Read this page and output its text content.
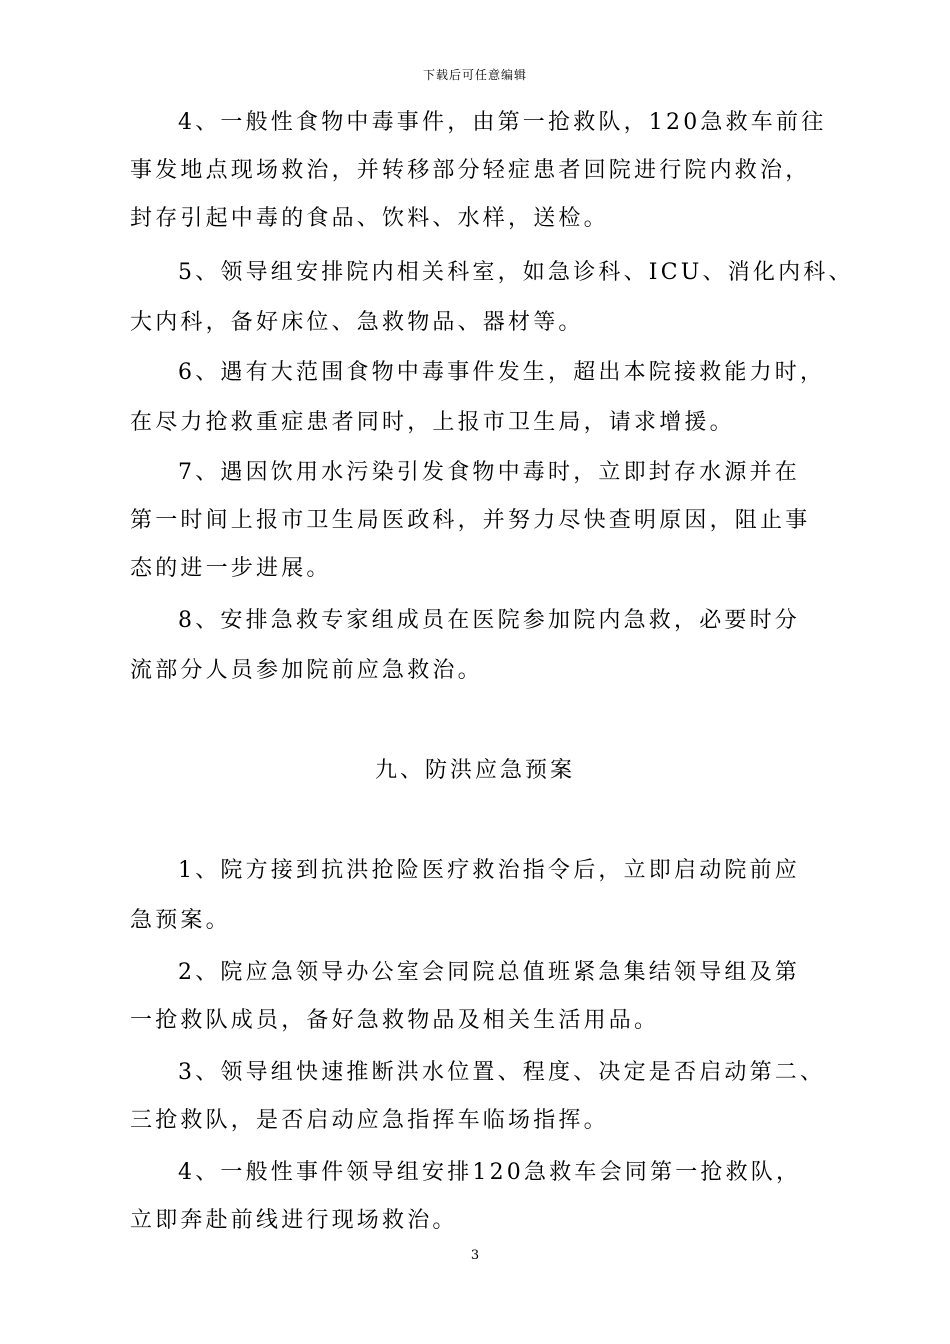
下载后可任意编辑
4、一般性食物中毒事件，由第一抢救队，120急救车前往
事发地点现场救治，并转移部分轻症患者回院进行院内救治，
封存引起中毒的食品、饮料、水样，送检。
5、领导组安排院内相关科室，如急诊科、ICU、消化内科、
大内科，备好床位、急救物品、器材等。
6、遇有大范围食物中毒事件发生，超出本院接救能力时，
在尽力抢救重症患者同时，上报市卫生局，请求增援。
7、遇因饮用水污染引发食物中毒时，立即封存水源并在
第一时间上报市卫生局医政科，并努力尽快查明原因，阻止事
态的进一步进展。
8、安排急救专家组成员在医院参加院内急救，必要时分
流部分人员参加院前应急救治。
九、防洪应急预案
1、院方接到抗洪抢险医疗救治指令后，立即启动院前应
急预案。
2、院应急领导办公室会同院总值班紧急集结领导组及第
一抢救队成员，备好急救物品及相关生活用品。
3、领导组快速推断洪水位置、程度、决定是否启动第二、
三抢救队，是否启动应急指挥车临场指挥。
4、一般性事件领导组安排120急救车会同第一抢救队，
立即奔赴前线进行现场救治。
3
